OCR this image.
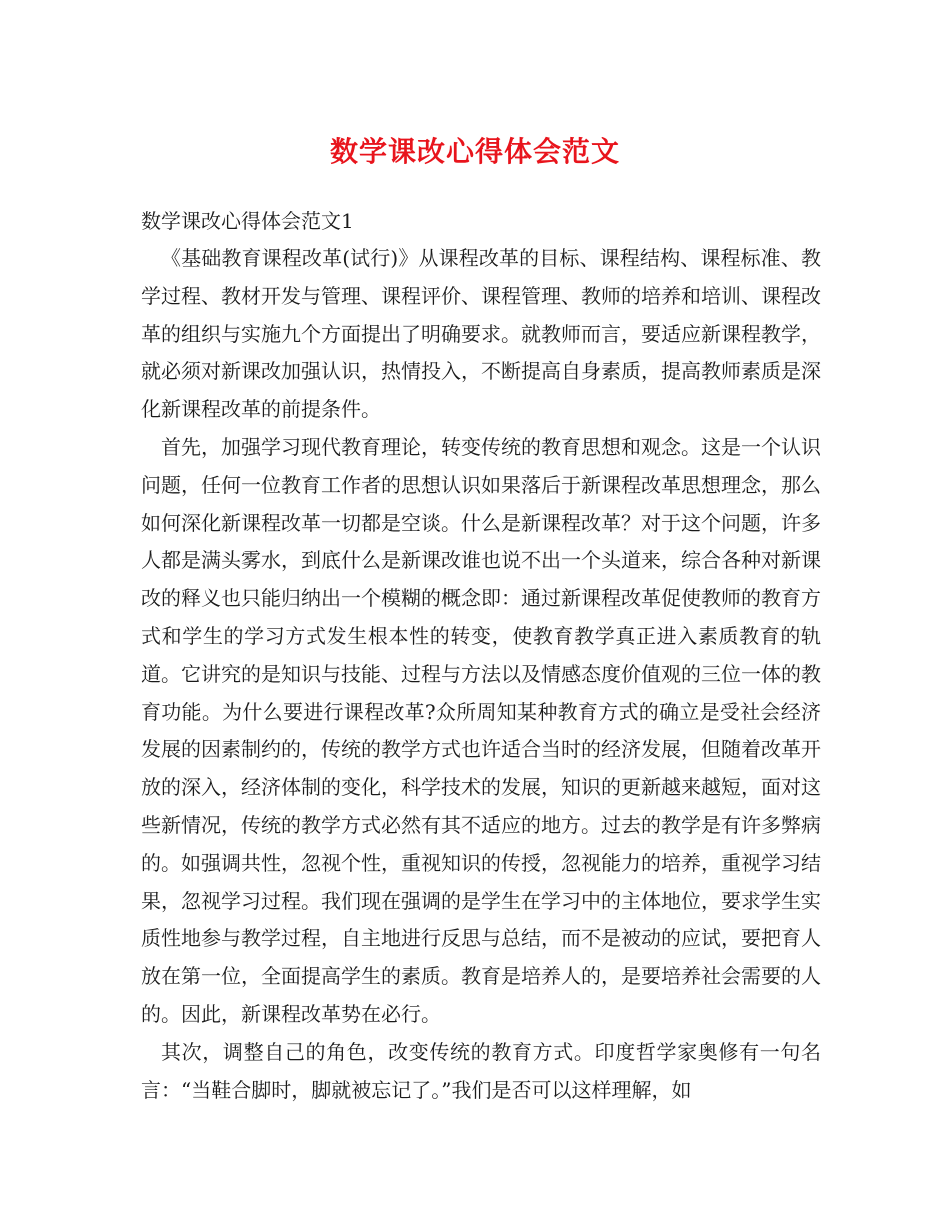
数学课改心得体会范文

数学课改心得体会范文1

《基础教育课程改革(试行)》从课程改革的目标、课程结构、课程标准、教学过程、教材开发与管理、课程评价、课程管理、教师的培养和培训、课程改革的组织与实施九个方面提出了明确要求。就教师而言，要适应新课程教学，就必须对新课改加强认识，热情投入，不断提高自身素质，提高教师素质是深化新课程改革的前提条件。

首先，加强学习现代教育理论，转变传统的教育思想和观念。这是一个认识问题，任何一位教育工作者的思想认识如果落后于新课程改革思想理念，那么如何深化新课程改革一切都是空谈。什么是新课程改革？对于这个问题，许多人都是满头雾水，到底什么是新课改谁也说不出一个头道来，综合各种对新课改的释义也只能归纳出一个模糊的概念即：通过新课程改革促使教师的教育方式和学生的学习方式发生根本性的转变，使教育教学真正进入素质教育的轨道。它讲究的是知识与技能、过程与方法以及情感态度价值观的三位一体的教育功能。为什么要进行课程改革?众所周知某种教育方式的确立是受社会经济发展的因素制约的，传统的教学方式也许适合当时的经济发展，但随着改革开放的深入，经济体制的变化，科学技术的发展，知识的更新越来越短，面对这些新情况，传统的教学方式必然有其不适应的地方。过去的教学是有许多弊病的。如强调共性，忽视个性，重视知识的传授，忽视能力的培养，重视学习结果，忽视学习过程。我们现在强调的是学生在学习中的主体地位，要求学生实质性地参与教学过程，自主地进行反思与总结，而不是被动的应试，要把育人放在第一位，全面提高学生的素质。教育是培养人的，是要培养社会需要的人的。因此，新课程改革势在必行。

其次，调整自己的角色，改变传统的教育方式。印度哲学家奥修有一句名言：“当鞋合脚时，脚就被忘记了。”我们是否可以这样理解，如
